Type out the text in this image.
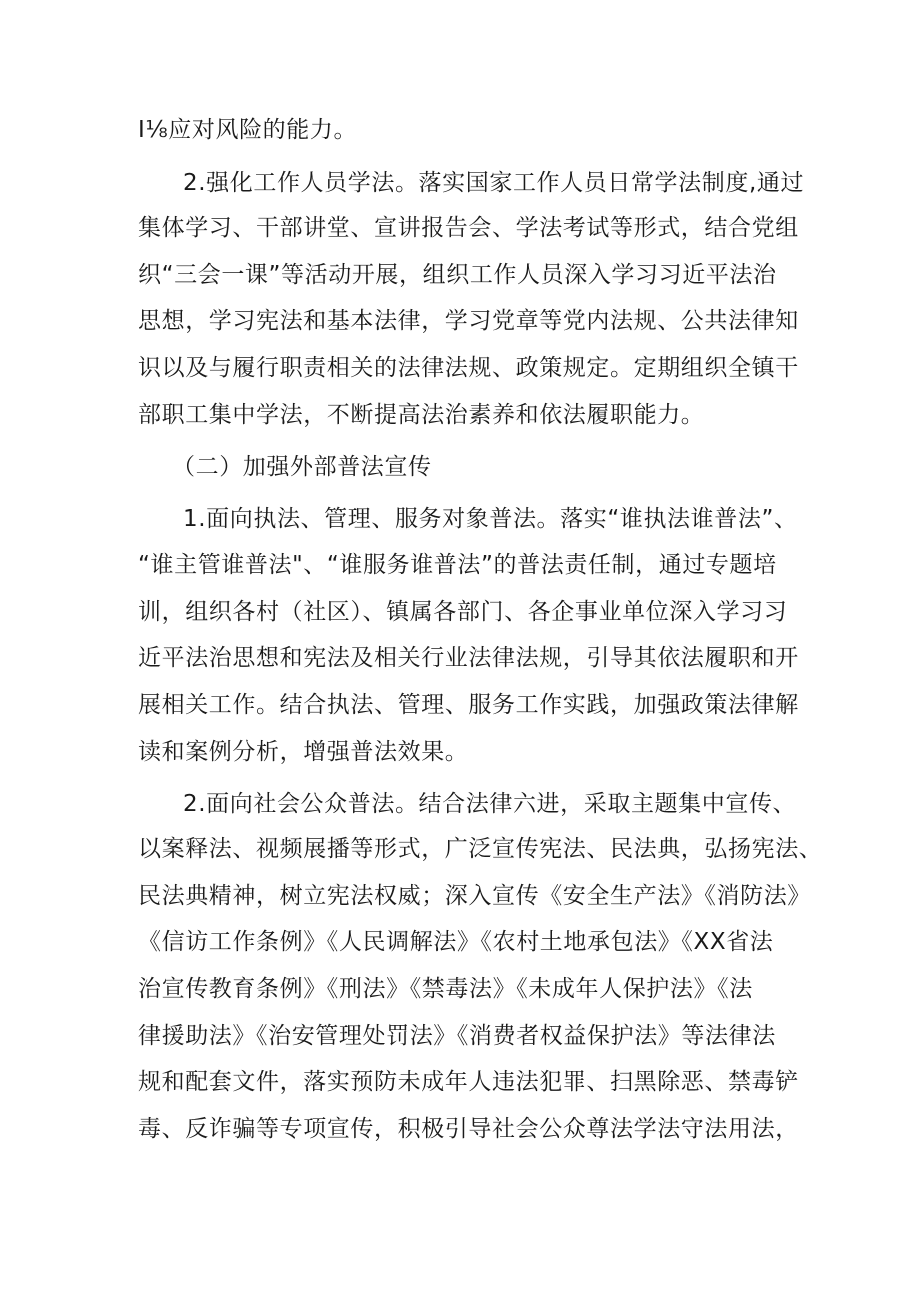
I⅛应对风险的能力。
2.强化工作人员学法。落实国家工作人员日常学法制度,通过
集体学习、干部讲堂、宣讲报告会、学法考试等形式，结合党组
织“三会一课”等活动开展，组织工作人员深入学习习近平法治
思想，学习宪法和基本法律，学习党章等党内法规、公共法律知
识以及与履行职责相关的法律法规、政策规定。定期组织全镇干
部职工集中学法，不断提高法治素养和依法履职能力。
（二）加强外部普法宣传
1.面向执法、管理、服务对象普法。落实“谁执法谁普法”、
“谁主管谁普法"、“谁服务谁普法”的普法责任制，通过专题培
训，组织各村（社区）、镇属各部门、各企事业单位深入学习习
近平法治思想和宪法及相关行业法律法规，引导其依法履职和开
展相关工作。结合执法、管理、服务工作实践，加强政策法律解
读和案例分析，增强普法效果。
2.面向社会公众普法。结合法律六进，采取主题集中宣传、
以案释法、视频展播等形式，广泛宣传宪法、民法典，弘扬宪法、
民法典精神，树立宪法权威；深入宣传《安全生产法》《消防法》
《信访工作条例》《人民调解法》《农村土地承包法》《XX省法
治宣传教育条例》《刑法》《禁毒法》《未成年人保护法》《法
律援助法》《治安管理处罚法》《消费者权益保护法》等法律法
规和配套文件，落实预防未成年人违法犯罪、扫黑除恶、禁毒铲
毒、反诈骗等专项宣传，积极引导社会公众尊法学法守法用法，
